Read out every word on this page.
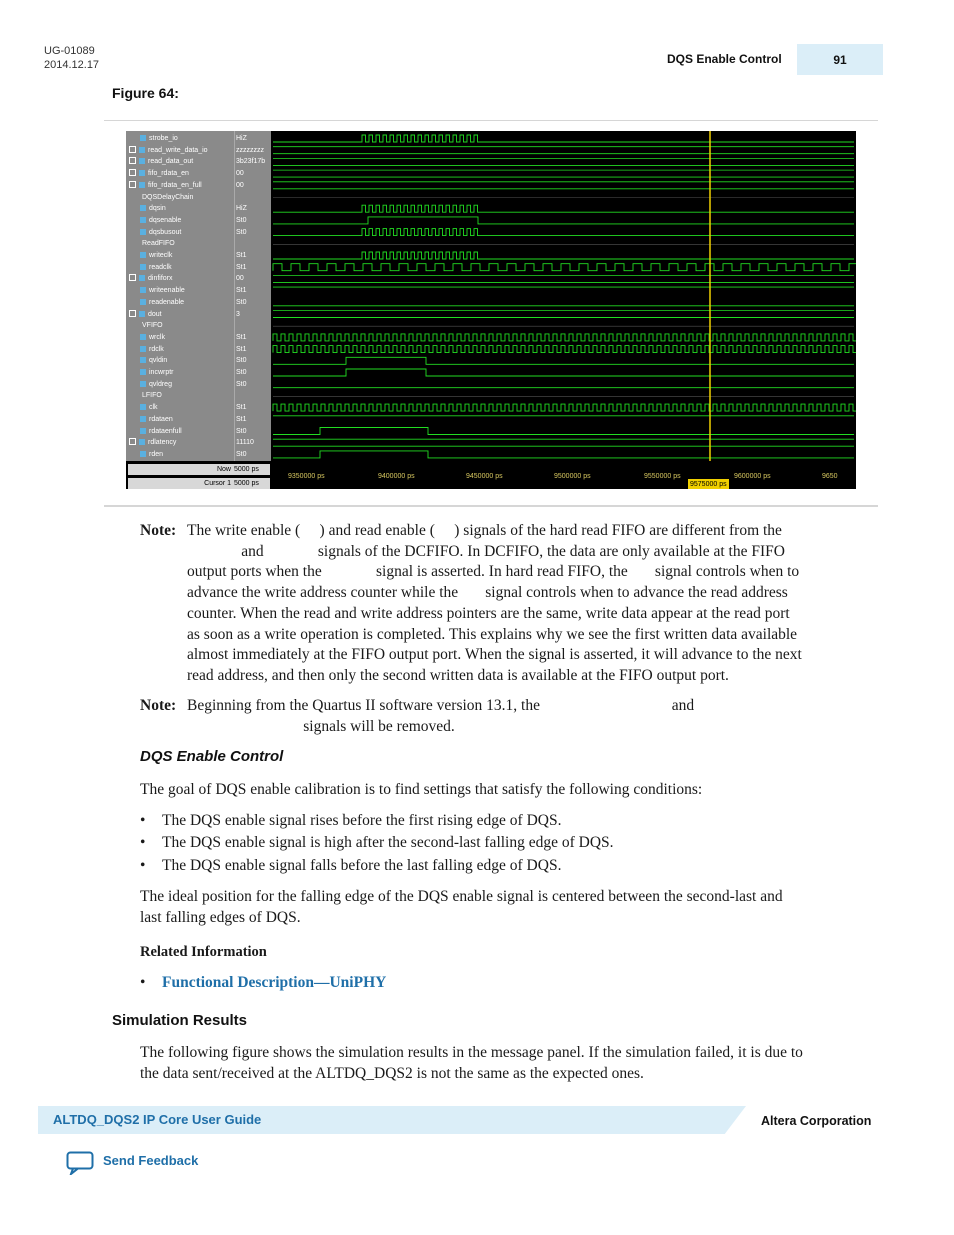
UG-01089
2014.12.17	DQS Enable Control	91
Figure 64:
strobe_io	HiZ
read_write_data_io	zzzzzzzz
read_data_out	3b23f17b
fifo_rdata_en	00
fifo_rdata_en_full	00
DQSDelayChain
dqsin	HiZ
dqsenable	St0
dqsbusout	St0
ReadFIFO
writeclk	St1
readclk	St1
dinfiforx	00
writeenable	St1
readenable	St0
dout	3
VFIFO
wrclk	St1
rdclk	St1
qvldin	St0
incwrptr	St0
qvldreg	St0
LFIFO
clk	St1
rdataen	St1
rdataenfull	St0
rdlatency	11110
rden	St0
Now 5000 ps
Cursor 1 5000 ps
9350000 ps	9400000 ps	9450000 ps	9500000 ps	9550000 ps	9600000 ps	9650
9575000 ps
Note: The write enable (     ) and read enable (     ) signals of the hard read FIFO are different from the
and              signals of the DCFIFO. In DCFIFO, the data are only available at the FIFO
output ports when the              signal is asserted. In hard read FIFO, the       signal controls when to
advance the write address counter while the       signal controls when to advance the read address
counter. When the read and write address pointers are the same, write data appear at the read port
as soon as a write operation is completed. This explains why we see the first written data available
almost immediately at the FIFO output port. When the signal is asserted, it will advance to the next
read address, and then only the second written data is available at the FIFO output port.
Note: Beginning from the Quartus II software version 13.1, the                                  and
signals will be removed.
DQS Enable Control
The goal of DQS enable calibration is to find settings that satisfy the following conditions:
• The DQS enable signal rises before the first rising edge of DQS.
• The DQS enable signal is high after the second-last falling edge of DQS.
• The DQS enable signal falls before the last falling edge of DQS.
The ideal position for the falling edge of the DQS enable signal is centered between the second-last and
last falling edges of DQS.
Related Information
• Functional Description—UniPHY
Simulation Results
The following figure shows the simulation results in the message panel. If the simulation failed, it is due to
the data sent/received at the ALTDQ_DQS2 is not the same as the expected ones.
ALTDQ_DQS2 IP Core User Guide	Altera Corporation
Send Feedback
